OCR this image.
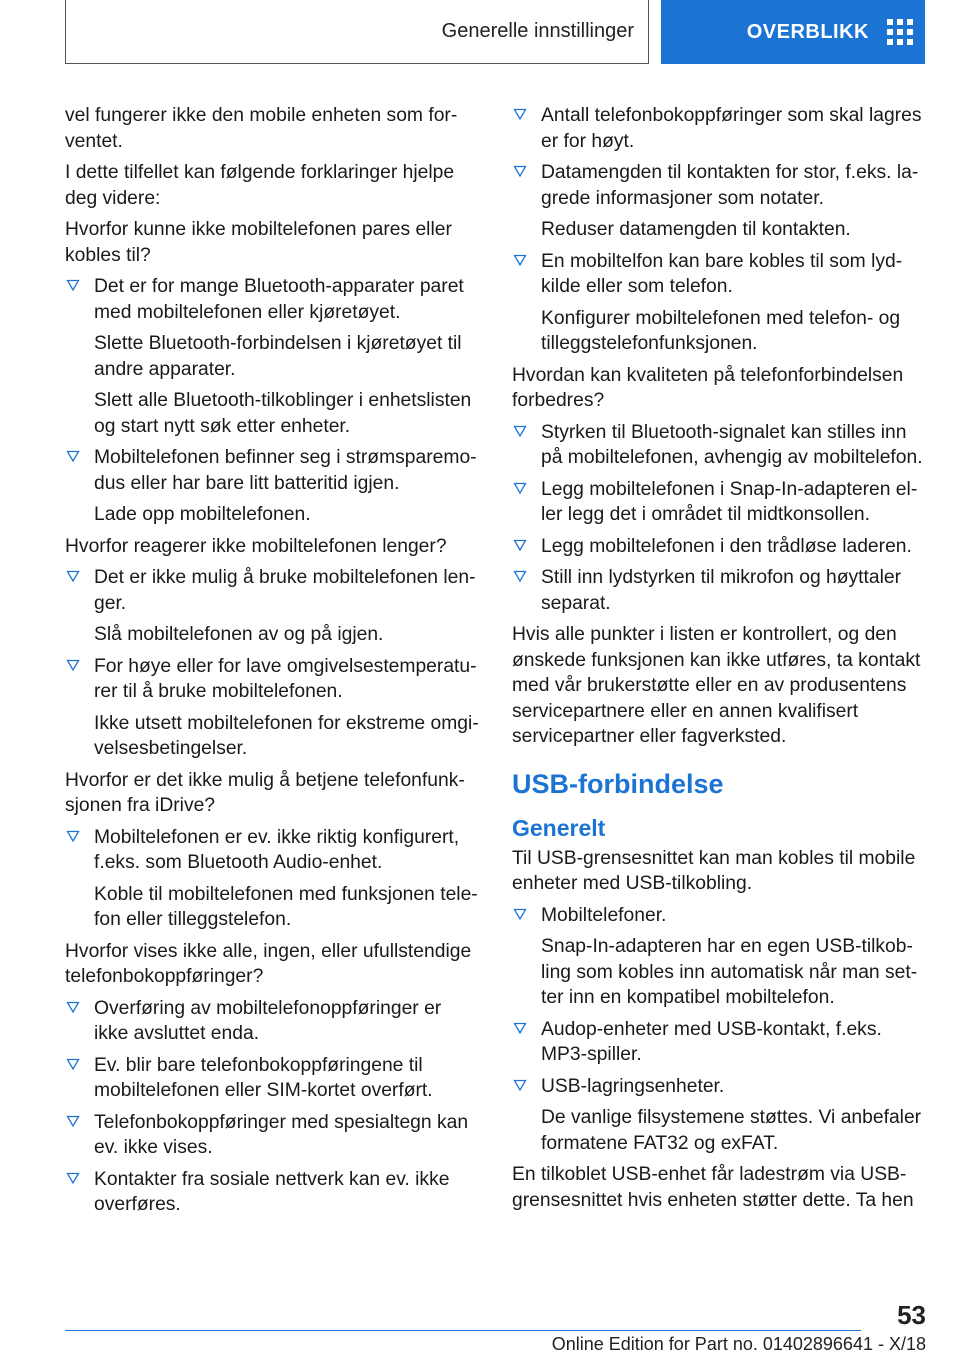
Generelle innstillinger	OVERBLIKK

vel fungerer ikke den mobile enheten som forventet.

I dette tilfellet kan følgende forklaringer hjelpe deg videre:

Hvorfor kunne ikke mobiltelefonen pares eller kobles til?

Det er for mange Bluetooth-apparater paret med mobiltelefonen eller kjøretøyet.

Slette Bluetooth-forbindelsen i kjøretøyet til andre apparater.

Slett alle Bluetooth-tilkoblinger i enhetslisten og start nytt søk etter enheter.

Mobiltelefonen befinner seg i strømsparemodus eller har bare litt batteritid igjen.

Lade opp mobiltelefonen.

Hvorfor reagerer ikke mobiltelefonen lenger?

Det er ikke mulig å bruke mobiltelefonen lenger.

Slå mobiltelefonen av og på igjen.

For høye eller for lave omgivelsestemperaturer til å bruke mobiltelefonen.

Ikke utsett mobiltelefonen for ekstreme omgivelsesbetingelser.

Hvorfor er det ikke mulig å betjene telefonfunksjonen fra iDrive?

Mobiltelefonen er ev. ikke riktig konfigurert, f.eks. som Bluetooth Audio-enhet.

Koble til mobiltelefonen med funksjonen telefon eller tilleggstelefon.

Hvorfor vises ikke alle, ingen, eller ufullstendige telefonbokoppføringer?

Overføring av mobiltelefonoppføringer er ikke avsluttet enda.
Ev. blir bare telefonbokoppføringene til mobiltelefonen eller SIM-kortet overført.
Telefonbokoppføringer med spesialtegn kan ev. ikke vises.
Kontakter fra sosiale nettverk kan ev. ikke overføres.
Antall telefonbokoppføringer som skal lagres er for høyt.
Datamengden til kontakten for stor, f.eks. lagrede informasjoner som notater.

Reduser datamengden til kontakten.

En mobiltelfon kan bare kobles til som lydkilde eller som telefon.

Konfigurer mobiltelefonen med telefon- og tilleggstelefonfunksjonen.

Hvordan kan kvaliteten på telefonforbindelsen forbedres?

Styrken til Bluetooth-signalet kan stilles inn på mobiltelefonen, avhengig av mobiltelefon.
Legg mobiltelefonen i Snap-In-adapteren eller legg det i området til midtkonsollen.
Legg mobiltelefonen i den trådløse laderen.
Still inn lydstyrken til mikrofon og høyttaler separat.

Hvis alle punkter i listen er kontrollert, og den ønskede funksjonen kan ikke utføres, ta kontakt med vår brukerstøtte eller en av produsentens servicepartnere eller en annen kvalifisert servicepartner eller fagverksted.

USB-forbindelse
Generelt

Til USB-grensesnittet kan man kobles til mobile enheter med USB-tilkobling.

Mobiltelefoner.

Snap-In-adapteren har en egen USB-tilkobling som kobles inn automatisk når man setter inn en kompatibel mobiltelefon.

Audop-enheter med USB-kontakt, f.eks. MP3-spiller.
USB-lagringsenheter.

De vanlige filsystemene støttes. Vi anbefaler formatene FAT32 og exFAT.

En tilkoblet USB-enhet får ladestrøm via USB-grensesnittet hvis enheten støtter dette. Ta hen

53
Online Edition for Part no. 01402896641 - X/18
